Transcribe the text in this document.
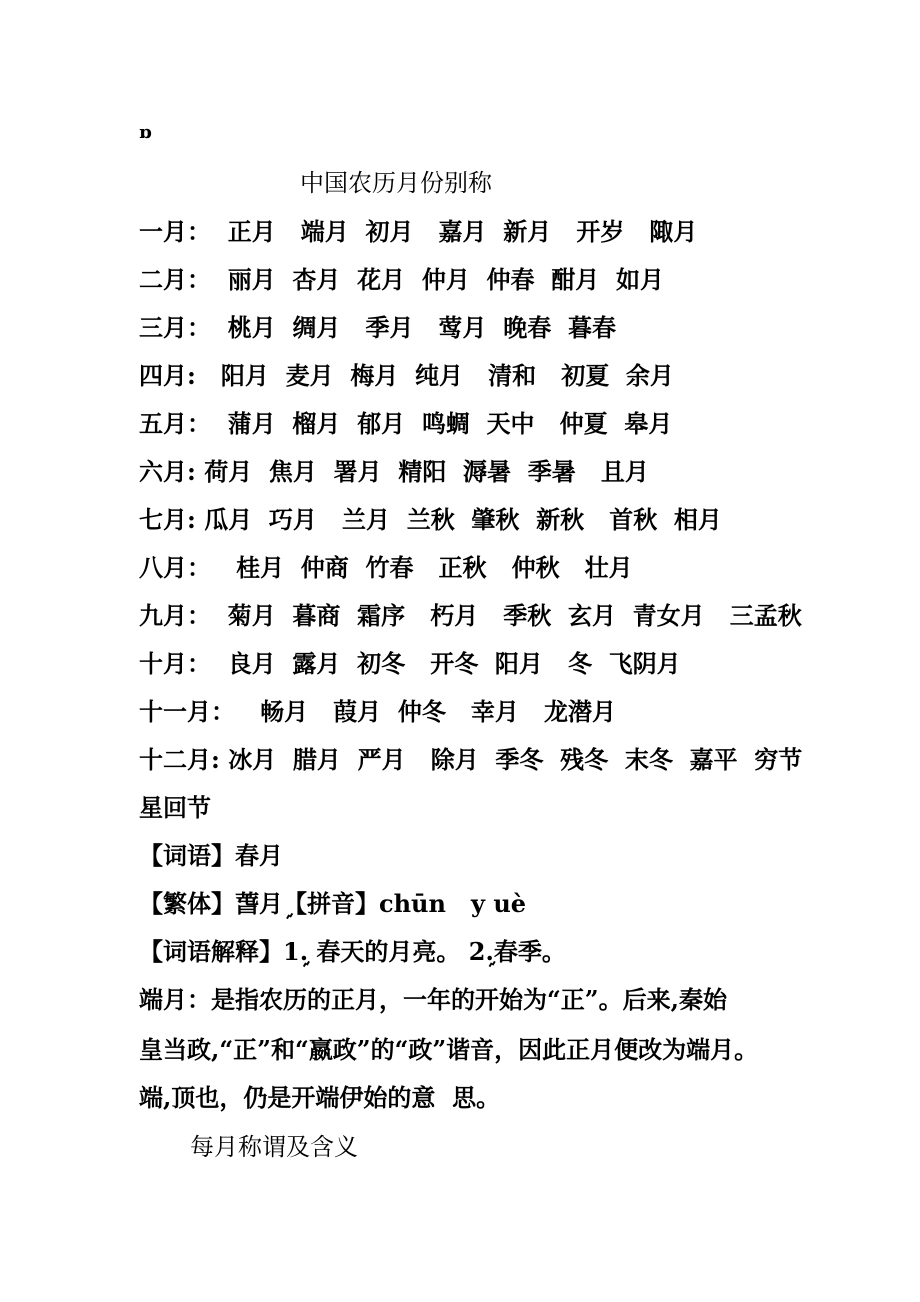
ɒ
中国农历月份别称
一月：  正月   端月  初月   嘉月  新月   开岁   陬月
二月：  丽月  杏月  花月  仲月  仲春  酣月  如月
三月：  桃月  绸月   季月   莺月  晚春  暮春
四月:   阳月  麦月  梅月  纯月   清和   初夏  余月
五月：  蒲月  榴月  郁月  鸣蜩  天中   仲夏  皋月
六月: 荷月  焦月  署月  精阳  溽暑  季暑   且月
七月: 瓜月  巧月   兰月  兰秋  肇秋  新秋   首秋  相月
八月：   桂月  仲商  竹春   正秋   仲秋   壮月
九月：  菊月  暮商  霜序   朽月   季秋  玄月  青女月   三孟秋
十月：  良月  露月  初冬   开冬  阳月   冬  飞阴月
十一月：   畅月   葭月  仲冬   幸月   龙潜月
十二月: 冰月  腊月  严月   除月  季冬  残冬  末冬  嘉平  穷节
星回节
【词语】春月
【繁体】萅月ܹ【拼音】chūn   y uè
【词语解释】1ܹ. 春天的月亮。 2ܹ.春季。
端月：是指农历的正月，一年的开始为“正”。后来,秦始
皇当政,“正”和“嬴政”的“政”谐音，因此正月便改为端月。
端,顶也，仍是开端伊始的意  思。
每月称谓及含义
